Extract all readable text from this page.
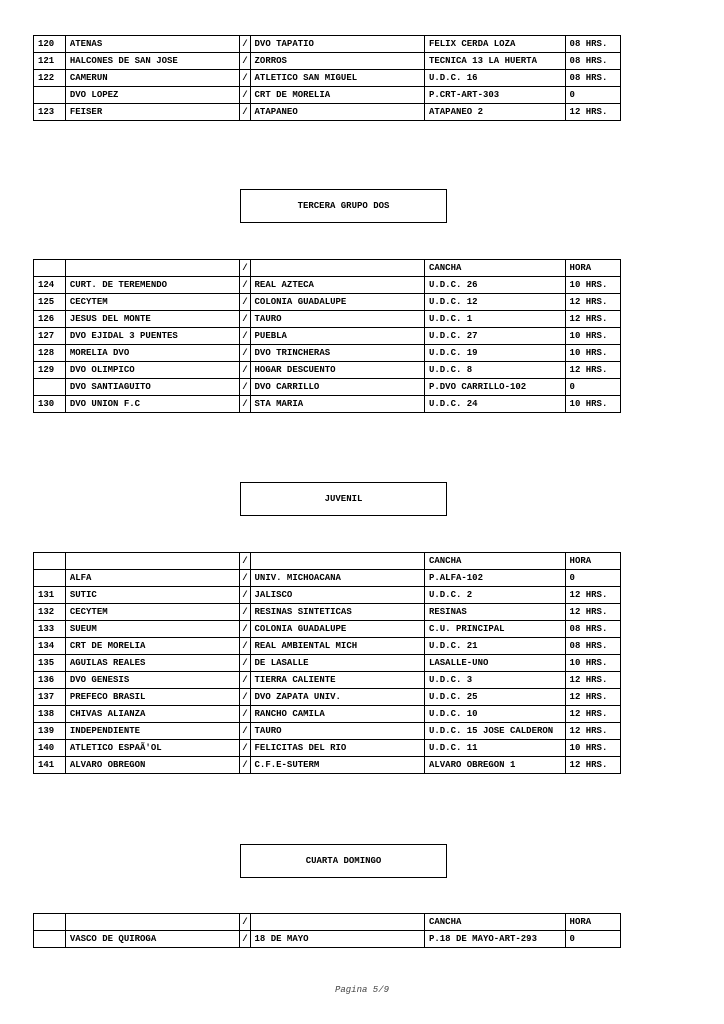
120	ATENAS	/	DVO TAPATIO	FELIX CERDA LOZA	08 HRS.
121	HALCONES DE SAN JOSE	/	ZORROS	TECNICA 13 LA HUERTA	08 HRS.
122	CAMERUN	/	ATLETICO SAN MIGUEL	U.D.C. 16	08 HRS.
	DVO LOPEZ	/	CRT DE MORELIA	P.CRT-ART-303	0
123	FEISER	/	ATAPANEO	ATAPANEO 2	12 HRS.
TERCERA GRUPO DOS
		/		CANCHA	HORA
124	CURT. DE TEREMENDO	/	REAL AZTECA	U.D.C. 26	10 HRS.
125	CECYTEM	/	COLONIA GUADALUPE	U.D.C. 12	12 HRS.
126	JESUS DEL MONTE	/	TAURO	U.D.C. 1	12 HRS.
127	DVO EJIDAL 3 PUENTES	/	PUEBLA	U.D.C. 27	10 HRS.
128	MORELIA DVO	/	DVO TRINCHERAS	U.D.C. 19	10 HRS.
129	DVO OLIMPICO	/	HOGAR DESCUENTO	U.D.C. 8	12 HRS.
	DVO SANTIAGUITO	/	DVO CARRILLO	P.DVO CARRILLO-102	0
130	DVO UNION F.C	/	STA MARIA	U.D.C. 24	10 HRS.
JUVENIL
		/		CANCHA	HORA
	ALFA	/	UNIV. MICHOACANA	P.ALFA-102	0
131	SUTIC	/	JALISCO	U.D.C. 2	12 HRS.
132	CECYTEM	/	RESINAS SINTETICAS	RESINAS	12 HRS.
133	SUEUM	/	COLONIA GUADALUPE	C.U. PRINCIPAL	08 HRS.
134	CRT DE MORELIA	/	REAL AMBIENTAL MICH	U.D.C. 21	08 HRS.
135	AGUILAS REALES	/	DE LASALLE	LASALLE-UNO	10 HRS.
136	DVO GENESIS	/	TIERRA CALIENTE	U.D.C. 3	12 HRS.
137	PREFECO BRASIL	/	DVO ZAPATA UNIV.	U.D.C. 25	12 HRS.
138	CHIVAS ALIANZA	/	RANCHO CAMILA	U.D.C. 10	12 HRS.
139	INDEPENDIENTE	/	TAURO	U.D.C. 15 JOSE CALDERON	12 HRS.
140	ATLETICO ESPAÃ'OL	/	FELICITAS DEL RIO	U.D.C. 11	10 HRS.
141	ALVARO OBREGON	/	C.F.E-SUTERM	ALVARO OBREGON 1	12 HRS.
CUARTA DOMINGO
		/		CANCHA	HORA
	VASCO DE QUIROGA	/	18 DE MAYO	P.18 DE MAYO-ART-293	0
Pagina 5/9
